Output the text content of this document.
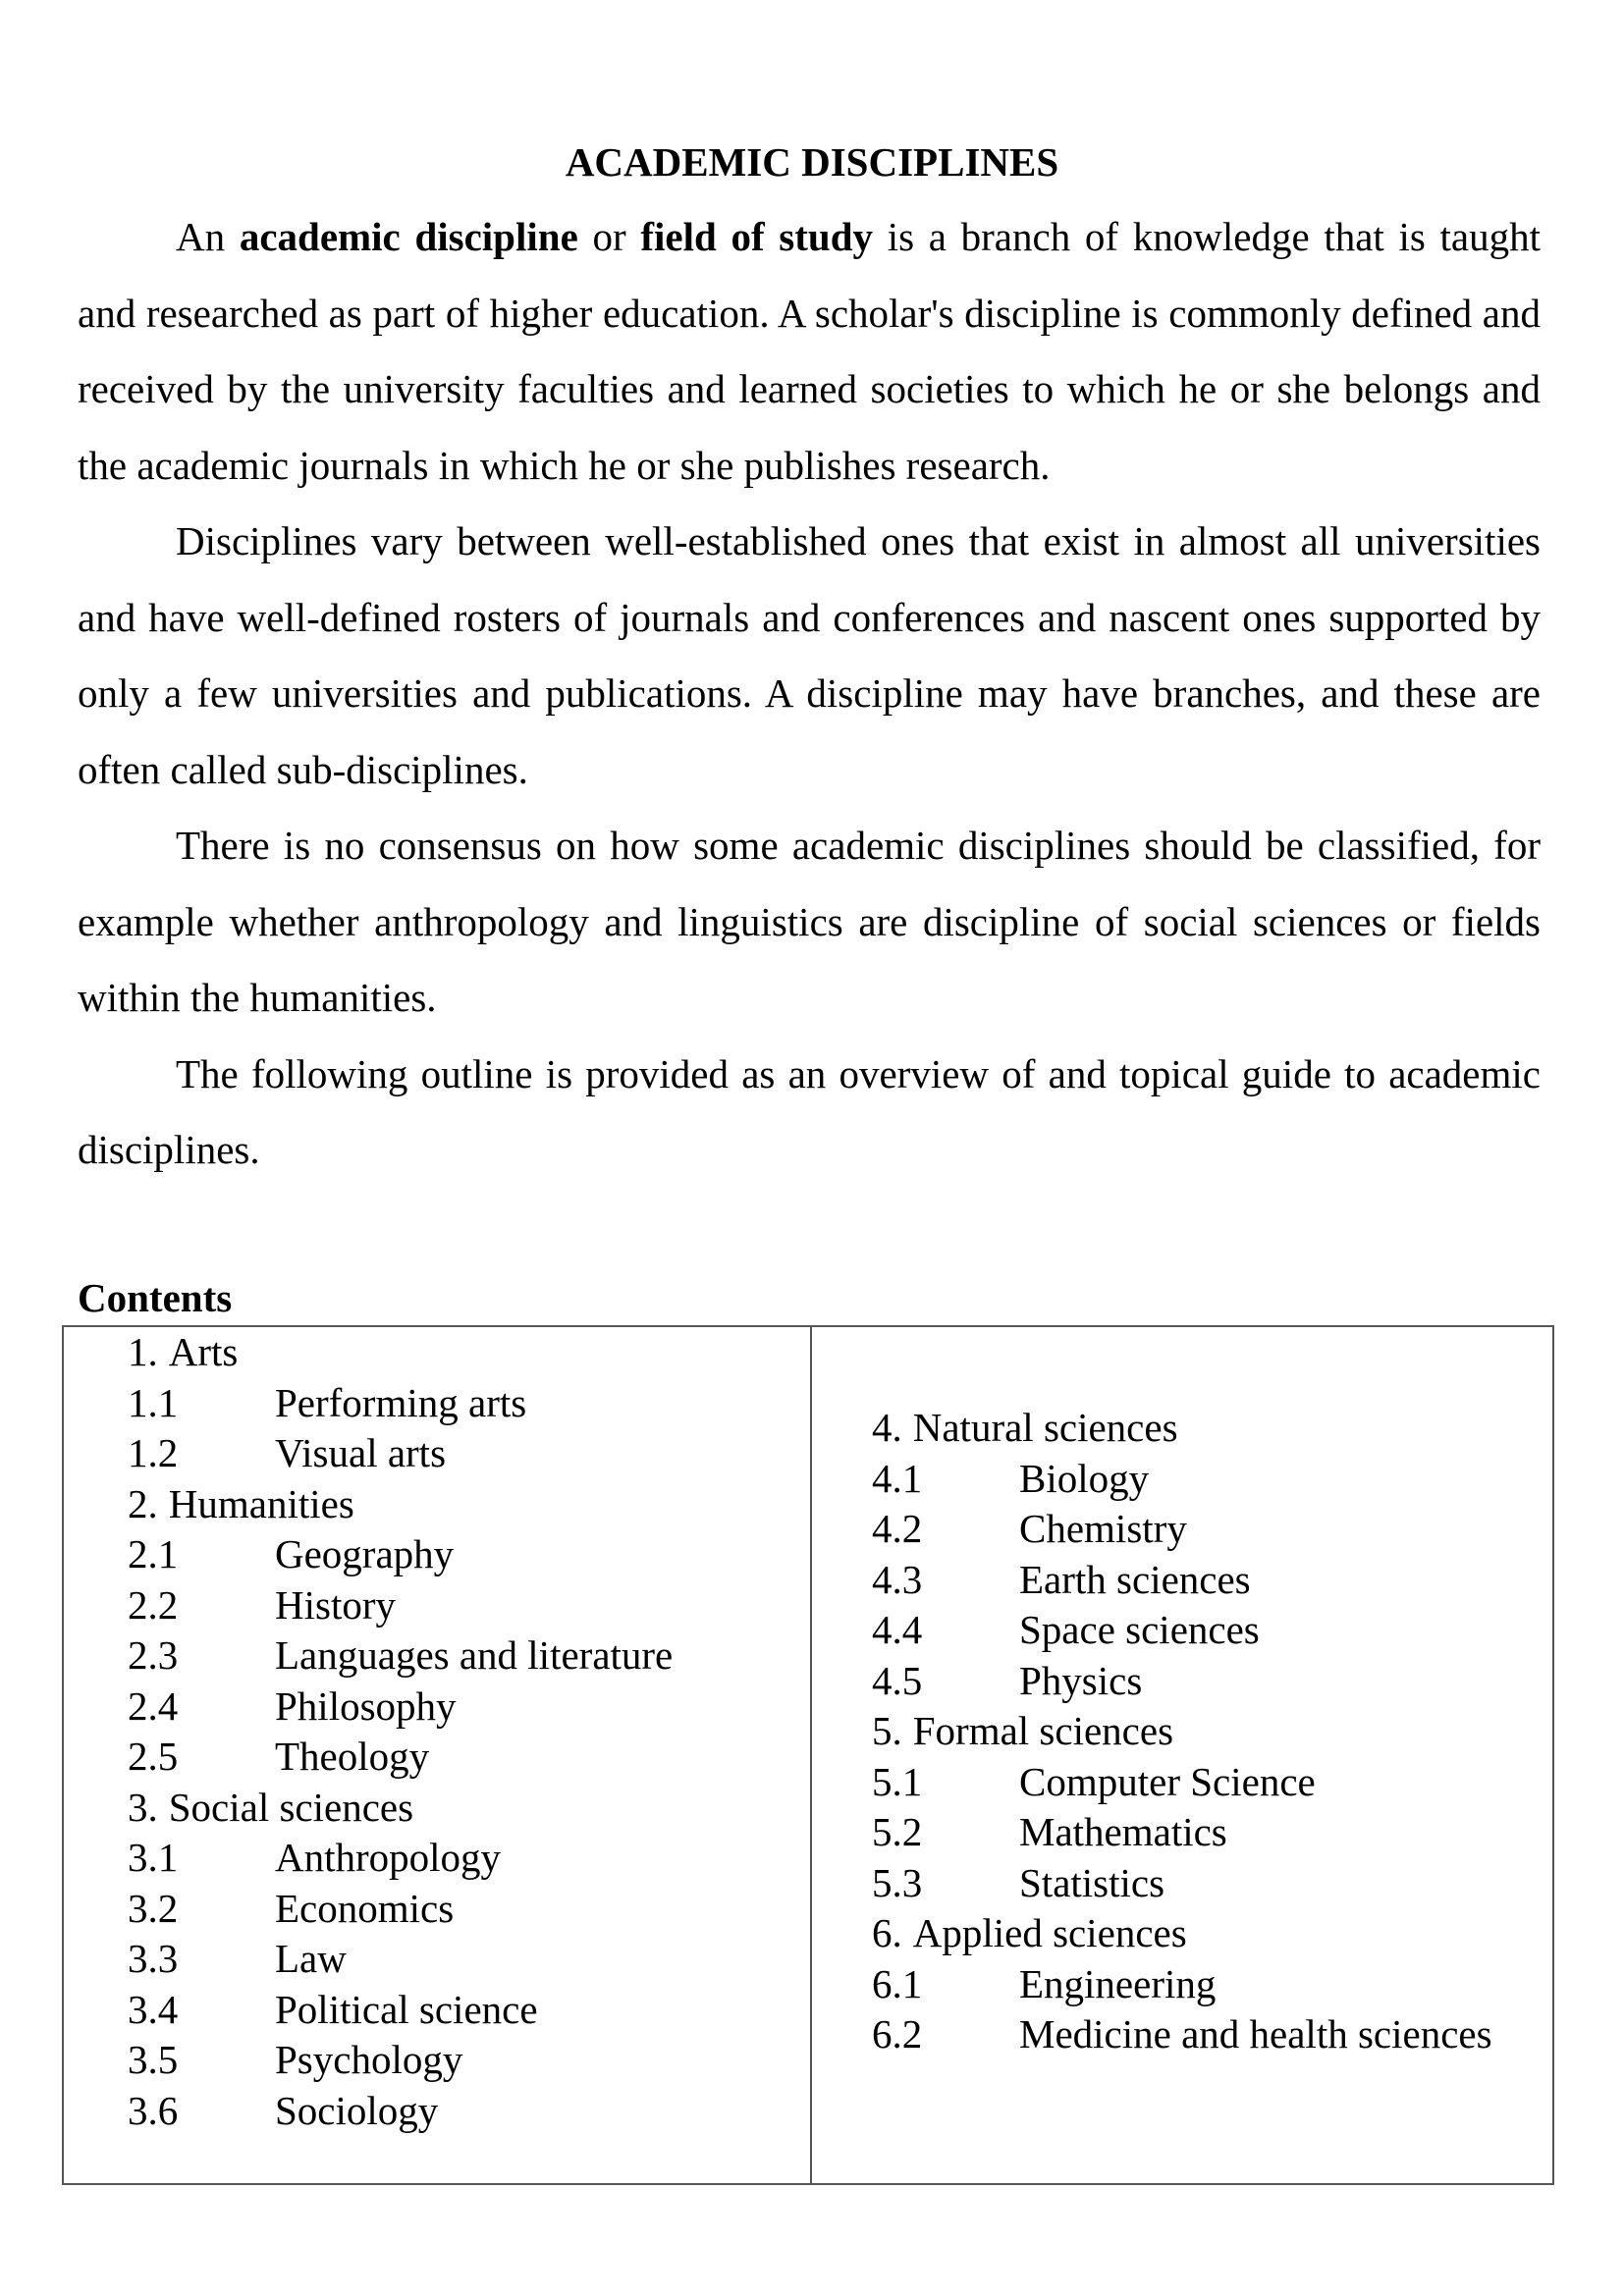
ACADEMIC DISCIPLINES

An academic discipline or field of study is a branch of knowledge that is taught and researched as part of higher education. A scholar's discipline is commonly defined and received by the university faculties and learned societies to which he or she belongs and the academic journals in which he or she publishes research.

Disciplines vary between well-established ones that exist in almost all universities and have well-defined rosters of journals and conferences and nascent ones supported by only a few universities and publications. A discipline may have branches, and these are often called sub-disciplines.

There is no consensus on how some academic disciplines should be classified, for example whether anthropology and linguistics are discipline of social sciences or fields within the humanities.

The following outline is provided as an overview of and topical guide to academic disciplines.

Contents
1. Arts
1.1 Performing arts
1.2 Visual arts
2. Humanities
2.1 Geography
2.2 History
2.3 Languages and literature
2.4 Philosophy
2.5 Theology
3. Social sciences
3.1 Anthropology
3.2 Economics
3.3 Law
3.4 Political science
3.5 Psychology
3.6 Sociology
4. Natural sciences
4.1 Biology
4.2 Chemistry
4.3 Earth sciences
4.4 Space sciences
4.5 Physics
5. Formal sciences
5.1 Computer Science
5.2 Mathematics
5.3 Statistics
6. Applied sciences
6.1 Engineering
6.2 Medicine and health sciences
